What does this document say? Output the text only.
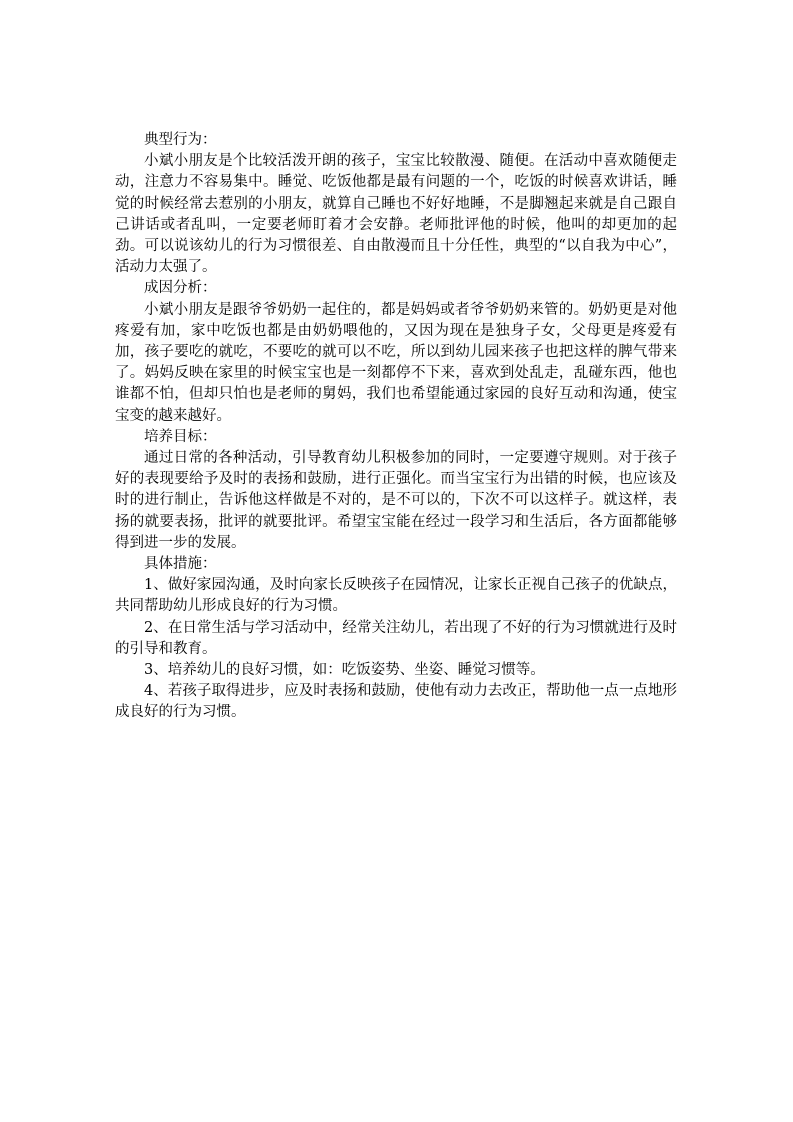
典型行为：

小斌小朋友是个比较活泼开朗的孩子，宝宝比较散漫、随便。在活动中喜欢随便走动，注意力不容易集中。睡觉、吃饭他都是最有问题的一个，吃饭的时候喜欢讲话，睡觉的时候经常去惹别的小朋友，就算自己睡也不好好地睡，不是脚翘起来就是自己跟自己讲话或者乱叫，一定要老师盯着才会安静。老师批评他的时候，他叫的却更加的起劲。可以说该幼儿的行为习惯很差、自由散漫而且十分任性，典型的“以自我为中心”，活动力太强了。

成因分析：

小斌小朋友是跟爷爷奶奶一起住的，都是妈妈或者爷爷奶奶来管的。奶奶更是对他疼爱有加，家中吃饭也都是由奶奶喂他的，又因为现在是独身子女，父母更是疼爱有加，孩子要吃的就吃，不要吃的就可以不吃，所以到幼儿园来孩子也把这样的脾气带来了。妈妈反映在家里的时候宝宝也是一刻都停不下来，喜欢到处乱走，乱碰东西，他也谁都不怕，但却只怕也是老师的舅妈，我们也希望能通过家园的良好互动和沟通，使宝宝变的越来越好。

培养目标：

通过日常的各种活动，引导教育幼儿积极参加的同时，一定要遵守规则。对于孩子好的表现要给予及时的表扬和鼓励，进行正强化。而当宝宝行为出错的时候，也应该及时的进行制止，告诉他这样做是不对的，是不可以的，下次不可以这样子。就这样，表扬的就要表扬，批评的就要批评。希望宝宝能在经过一段学习和生活后，各方面都能够得到进一步的发展。

具体措施：

1、做好家园沟通，及时向家长反映孩子在园情况，让家长正视自己孩子的优缺点，共同帮助幼儿形成良好的行为习惯。

2、在日常生活与学习活动中，经常关注幼儿，若出现了不好的行为习惯就进行及时的引导和教育。

3、培养幼儿的良好习惯，如：吃饭姿势、坐姿、睡觉习惯等。

4、若孩子取得进步，应及时表扬和鼓励，使他有动力去改正，帮助他一点一点地形成良好的行为习惯。
